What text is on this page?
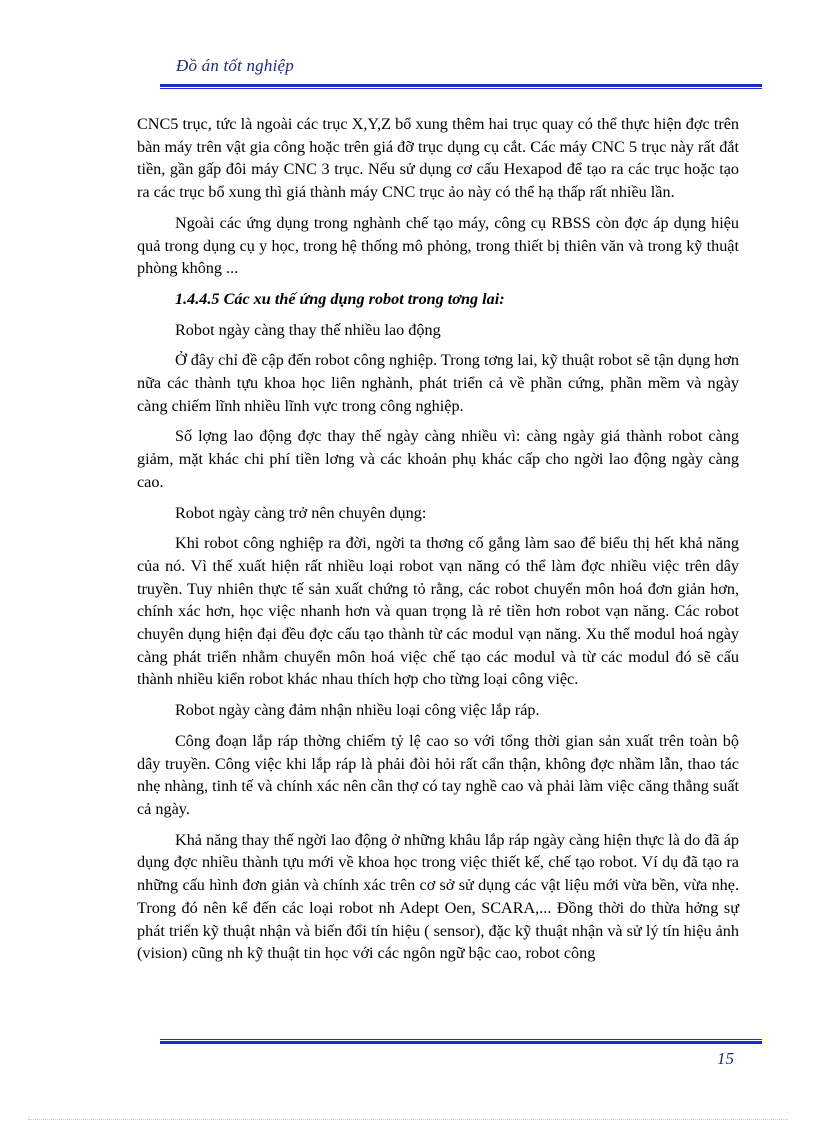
Đồ án tốt nghiệp

CNC5 trục, tức là ngoài các trục X,Y,Z bổ xung thêm hai trục quay có thể thực hiện đợc trên bàn máy trên vật gia công hoặc trên giá đỡ trục dụng cụ cắt. Các máy CNC 5 trục này rất đắt tiền, gần gấp đôi máy CNC 3 trục. Nếu sử dụng cơ cấu Hexapod để tạo ra các trục hoặc tạo ra các trục bổ xung thì giá thành máy CNC trục ảo này có thể hạ thấp rất nhiều lần.

Ngoài các ứng dụng trong nghành chế tạo máy, công cụ RBSS còn đợc áp dụng hiệu quả trong dụng cụ y học, trong hệ thống mô phỏng, trong thiết bị thiên văn và trong kỹ thuật phòng không ...

1.4.4.5 Các xu thế ứng dụng robot trong tơng lai:

Robot ngày càng thay thế nhiều lao động

Ở đây chỉ đề cập đến robot công nghiệp. Trong tơng lai, kỹ thuật robot sẽ tận dụng hơn nữa các thành tựu khoa học liên nghành, phát triển cả về phần cứng, phần mềm và ngày càng chiếm lĩnh nhiều lĩnh vực trong công nghiệp.

Số lợng lao động đợc thay thế ngày càng nhiều vì: càng ngày giá thành robot càng giảm, mặt khác chi phí tiền lơng và các khoản phụ khác cấp cho ngời lao động ngày càng cao.

Robot ngày càng trở nên chuyên dụng:

Khi robot công nghiệp ra đời, ngời ta thơng cố gắng làm sao để biểu thị hết khả năng của nó. Vì thế xuất hiện rất nhiều loại robot vạn năng có thể làm đợc nhiều việc trên dây truyền. Tuy nhiên thực tế sản xuất chứng tỏ rằng, các robot chuyển môn hoá đơn giản hơn, chính xác hơn, học việc nhanh hơn và quan trọng là rẻ tiền hơn robot vạn năng. Các robot chuyên dụng hiện đại đều đợc cấu tạo thành từ các modul vạn năng. Xu thế modul hoá ngày càng phát triển nhằm chuyển môn hoá việc chế tạo các modul và từ các modul đó sẽ cấu thành nhiều kiển robot khác nhau thích hợp cho từng loại công việc.

Robot ngày càng đảm nhận nhiều loại công việc lắp ráp.

Công đoạn lắp ráp thờng chiếm tỷ lệ cao so với tổng thời gian sản xuất trên toàn bộ dây truyền. Công việc khi lắp ráp là phải đòi hỏi rất cẩn thận, không đợc nhầm lẫn, thao tác nhẹ nhàng, tinh tế và chính xác nên cần thợ có tay nghề cao và phải làm việc căng thẳng suất cả ngày.

Khả năng thay thế ngời lao động ở những khâu lắp ráp ngày càng hiện thực là do đã áp dụng đợc nhiều thành tựu mới về khoa học trong việc thiết kế, chế tạo robot. Ví dụ đã tạo ra những cấu hình đơn giản và chính xác trên cơ sở sử dụng các vật liệu mới vừa bền, vừa nhẹ. Trong đó nên kể đến các loại robot nh Adept Oen, SCARA,... Đồng thời do thừa hởng sự phát triển kỹ thuật nhận và biến đổi tín hiệu ( sensor), đặc kỹ thuật nhận và sử lý tín hiệu ảnh (vision) cũng nh kỹ thuật tin học với các ngôn ngữ bậc cao, robot công

15
